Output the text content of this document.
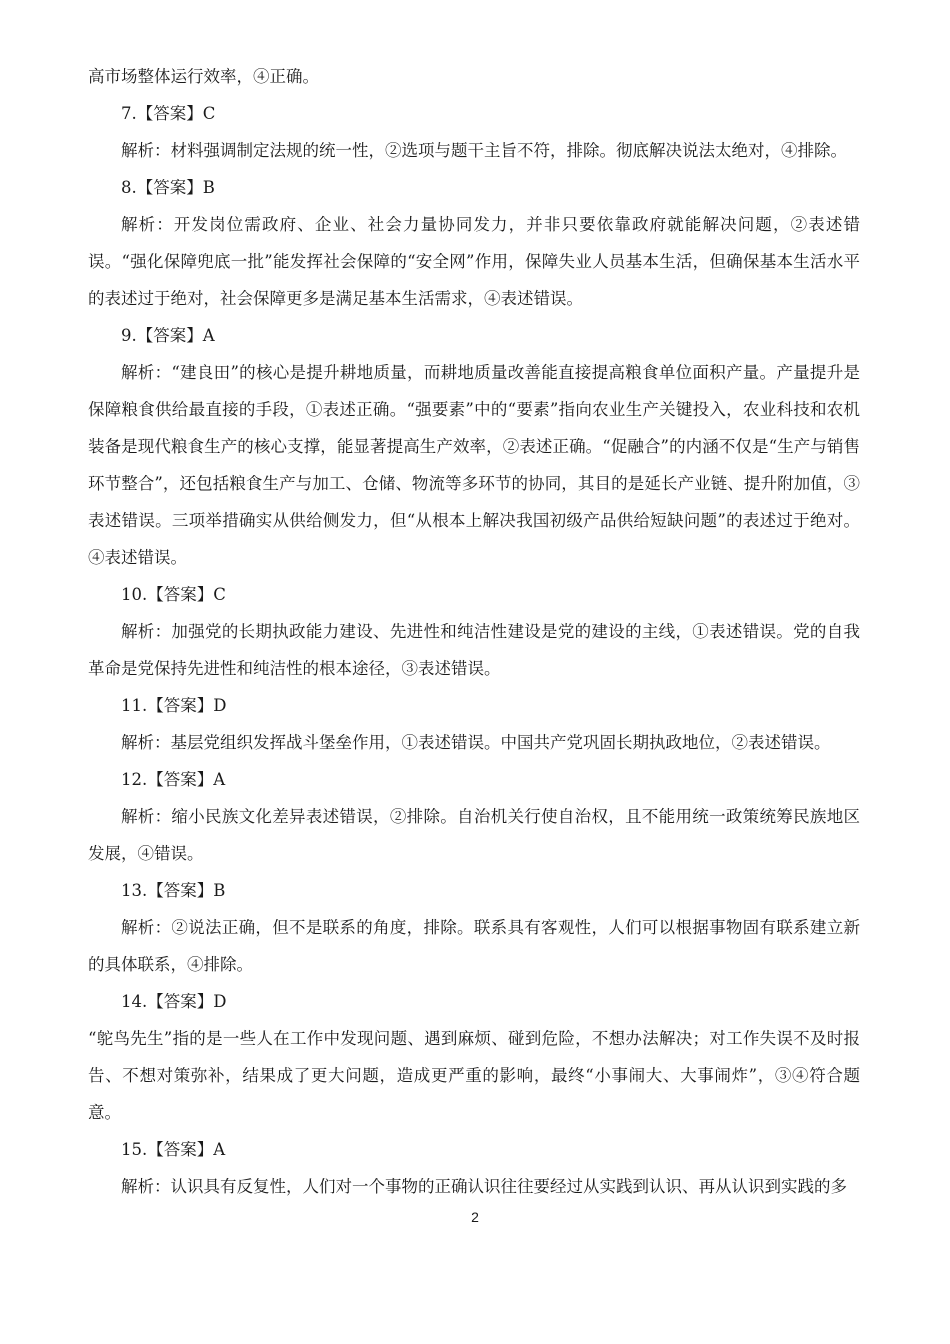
高市场整体运行效率，④正确。

7.【答案】C

解析：材料强调制定法规的统一性，②选项与题干主旨不符，排除。彻底解决说法太绝对，④排除。

8.【答案】B

解析：开发岗位需政府、企业、社会力量协同发力，并非只要依靠政府就能解决问题，②表述错误。“强化保障兜底一批”能发挥社会保障的“安全网”作用，保障失业人员基本生活，但确保基本生活水平的表述过于绝对，社会保障更多是满足基本生活需求，④表述错误。

9.【答案】A

解析：“建良田”的核心是提升耕地质量，而耕地质量改善能直接提高粮食单位面积产量。产量提升是保障粮食供给最直接的手段，①表述正确。“强要素”中的“要素”指向农业生产关键投入，农业科技和农机装备是现代粮食生产的核心支撑，能显著提高生产效率，②表述正确。“促融合”的内涵不仅是“生产与销售环节整合”，还包括粮食生产与加工、仓储、物流等多环节的协同，其目的是延长产业链、提升附加值，③表述错误。三项举措确实从供给侧发力，但“从根本上解决我国初级产品供给短缺问题”的表述过于绝对。④表述错误。

10.【答案】C

解析：加强党的长期执政能力建设、先进性和纯洁性建设是党的建设的主线，①表述错误。党的自我革命是党保持先进性和纯洁性的根本途径，③表述错误。

11.【答案】D

解析：基层党组织发挥战斗堡垒作用，①表述错误。中国共产党巩固长期执政地位，②表述错误。

12.【答案】A

解析：缩小民族文化差异表述错误，②排除。自治机关行使自治权，且不能用统一政策统筹民族地区发展，④错误。

13.【答案】B

解析：②说法正确，但不是联系的角度，排除。联系具有客观性，人们可以根据事物固有联系建立新的具体联系，④排除。

14.【答案】D

“鸵鸟先生”指的是一些人在工作中发现问题、遇到麻烦、碰到危险，不想办法解决；对工作失误不及时报告、不想对策弥补，结果成了更大问题，造成更严重的影响，最终“小事闹大、大事闹炸”，③④符合题意。

15.【答案】A

解析：认识具有反复性，人们对一个事物的正确认识往往要经过从实践到认识、再从认识到实践的多

2
